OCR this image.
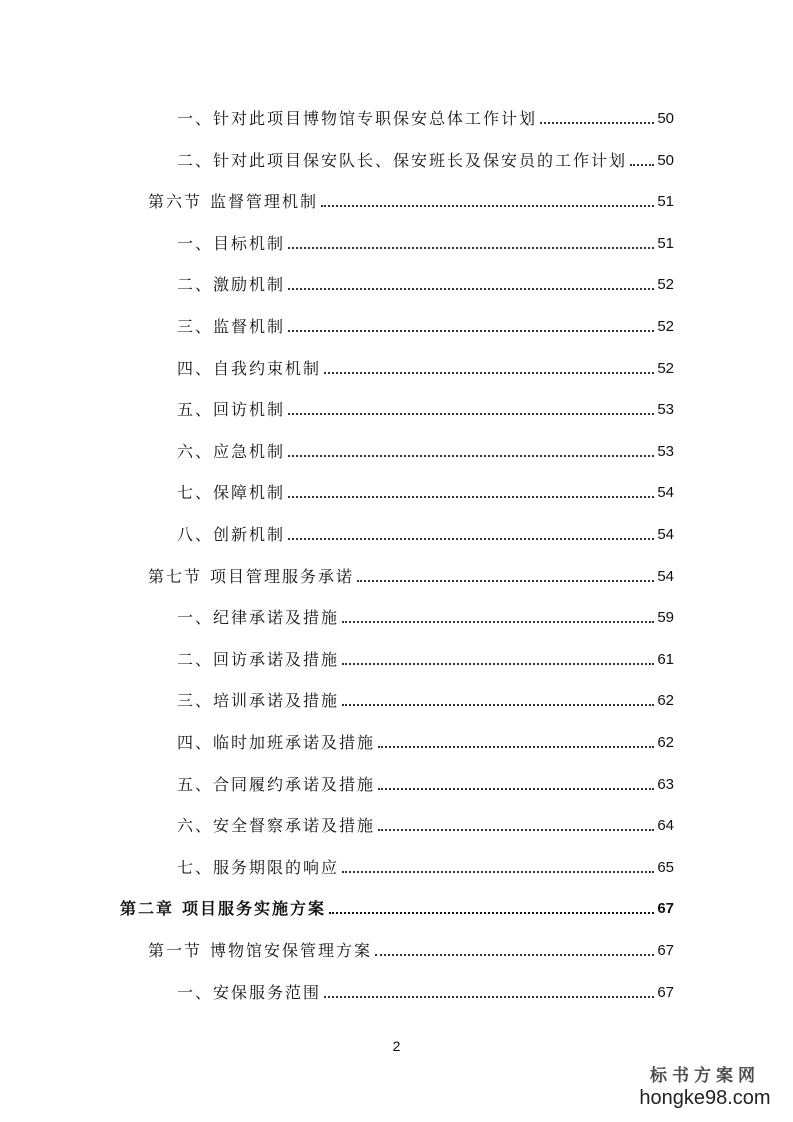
一、 针对此项目博物馆专职保安总体工作计划	50
二、 针对此项目保安队长、保安班长及保安员的工作计划 50
第六节 监督管理机制	51
一、 目标机制	51
二、 激励机制	52
三、 监督机制	52
四、 自我约束机制	52
五、 回访机制	53
六、 应急机制	53
七、 保障机制	54
八、 创新机制	54
第七节 项目管理服务承诺	54
一、 纪律承诺及措施	59
二、 回访承诺及措施	61
三、 培训承诺及措施	62
四、 临时加班承诺及措施	62
五、 合同履约承诺及措施	63
六、 安全督察承诺及措施	64
七、 服务期限的响应	65
第二章 项目服务实施方案	67
第一节 博物馆安保管理方案	67
一、 安保服务范围	67
2
标书方案网
hongke98.com
